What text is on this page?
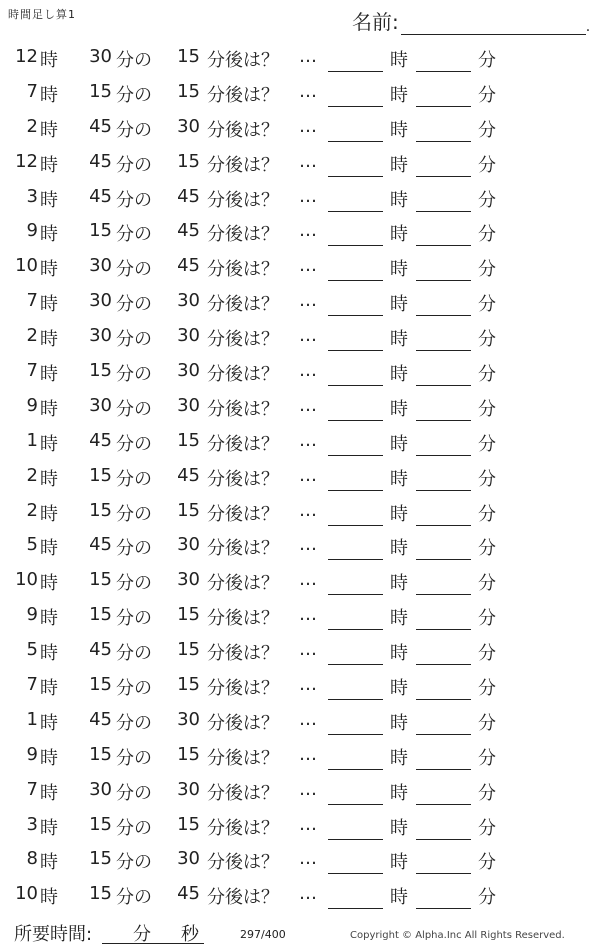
時間足し算1	名前:	.
12 時	30 分の	15 分後は？ …	時	分
7 時	15 分の	15 分後は？ …	時	分
2 時	45 分の	30 分後は？ …	時	分
12 時	45 分の	15 分後は？ …	時	分
3 時	45 分の	45 分後は？ …	時	分
9 時	15 分の	45 分後は？ …	時	分
10 時	30 分の	45 分後は？ …	時	分
7 時	30 分の	30 分後は？ …	時	分
2 時	30 分の	30 分後は？ …	時	分
7 時	15 分の	30 分後は？ …	時	分
9 時	30 分の	30 分後は？ …	時	分
1 時	45 分の	15 分後は？ …	時	分
2 時	15 分の	45 分後は？ …	時	分
2 時	15 分の	15 分後は？ …	時	分
5 時	45 分の	30 分後は？ …	時	分
10 時	15 分の	30 分後は？ …	時	分
9 時	15 分の	15 分後は？ …	時	分
5 時	45 分の	15 分後は？ …	時	分
7 時	15 分の	15 分後は？ …	時	分
1 時	45 分の	30 分後は？ …	時	分
9 時	15 分の	15 分後は？ …	時	分
7 時	30 分の	30 分後は？ …	時	分
3 時	15 分の	15 分後は？ …	時	分
8 時	15 分の	30 分後は？ …	時	分
10 時	15 分の	45 分後は？ …	時	分
所要時間: 分 秒	297/400	Copyright © Alpha.Inc All Rights Reserved.
